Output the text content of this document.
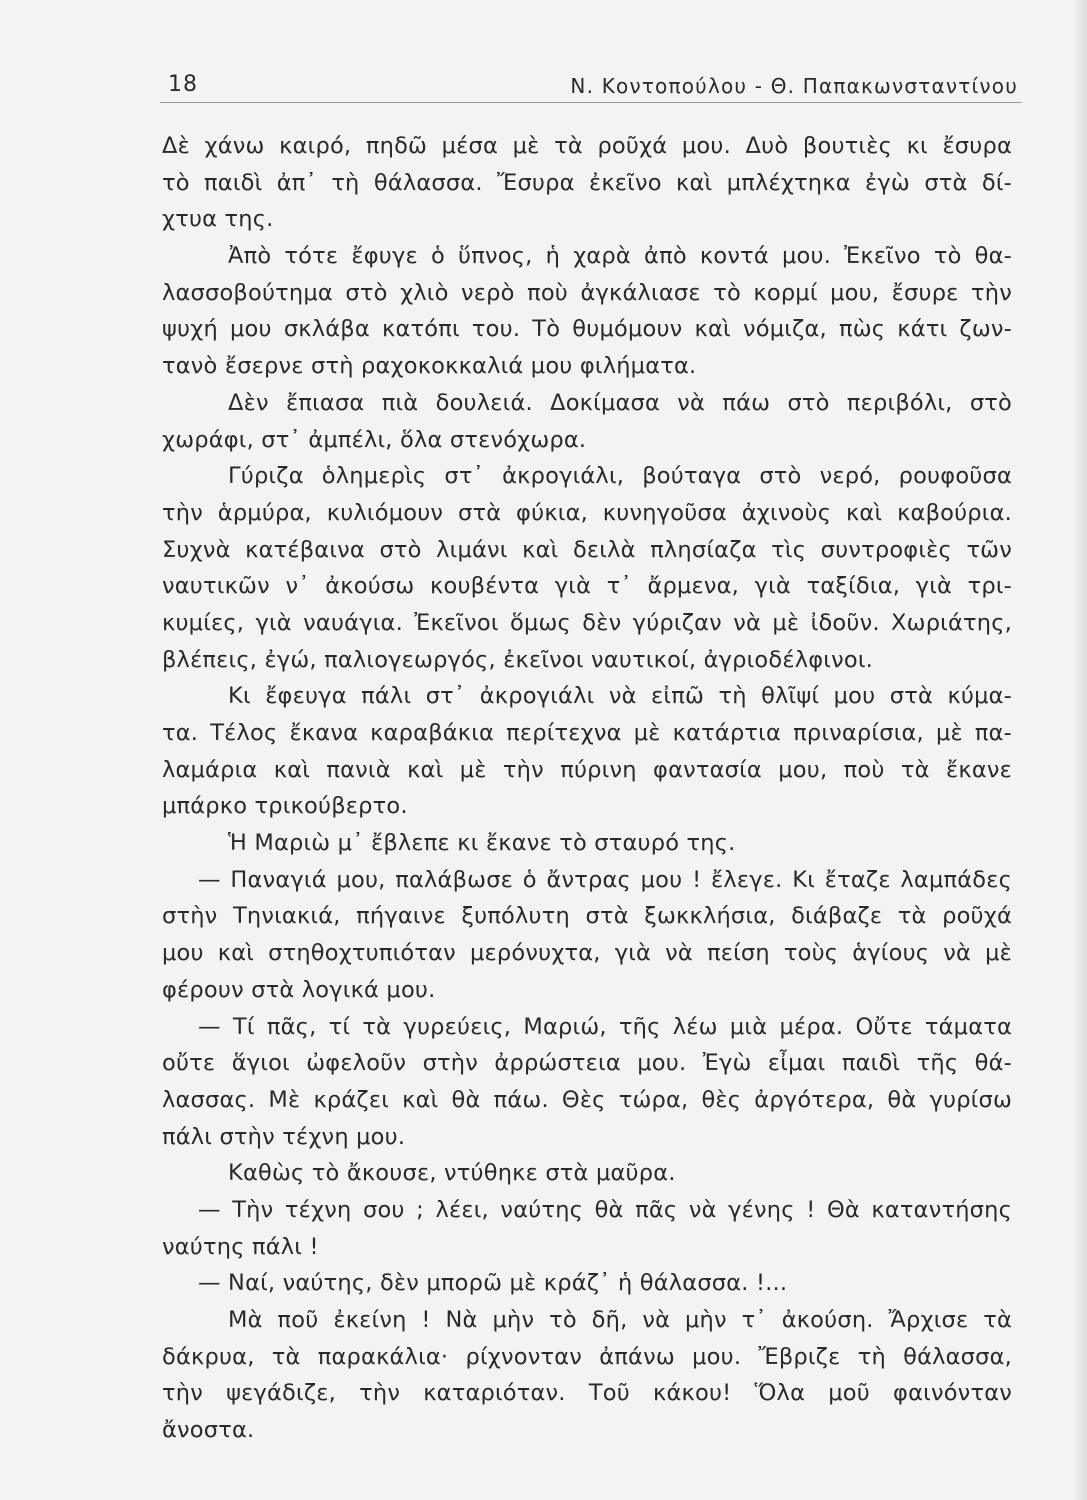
18	Ν. Κοντοπούλου - Θ. Παπακωνσταντίνου
Δὲ χάνω καιρό, πηδῶ μέσα μὲ τὰ ροῦχά μου. Δυὸ βουτιὲς κι ἔσυρα
τὸ παιδὶ ἀπ᾽ τὴ θάλασσα. Ἔσυρα ἐκεῖνο καὶ μπλέχτηκα ἐγὼ στὰ δί-
χτυα της.
Ἀπὸ τότε ἔφυγε ὁ ὕπνος, ἡ χαρὰ ἀπὸ κοντά μου. Ἐκεῖνο τὸ θα-
λασσοβούτημα στὸ χλιὸ νερὸ ποὺ ἀγκάλιασε τὸ κορμί μου, ἔσυρε τὴν
ψυχή μου σκλάβα κατόπι του. Τὸ θυμόμουν καὶ νόμιζα, πὼς κάτι ζων-
τανὸ ἔσερνε στὴ ραχοκοκκαλιά μου φιλήματα.
Δὲν ἔπιασα πιὰ δουλειά. Δοκίμασα νὰ πάω στὸ περιβόλι, στὸ
χωράφι, στ᾽ ἀμπέλι, ὅλα στενόχωρα.
Γύριζα ὁλημερὶς στ᾽ ἀκρογιάλι, βούταγα στὸ νερό, ρουφοῦσα
τὴν ἁρμύρα, κυλιόμουν στὰ φύκια, κυνηγοῦσα ἀχινοὺς καὶ καβούρια.
Συχνὰ κατέβαινα στὸ λιμάνι καὶ δειλὰ πλησίαζα τὶς συντροφιὲς τῶν
ναυτικῶν ν᾽ ἀκούσω κουβέντα γιὰ τ᾽ ἄρμενα, γιὰ ταξίδια, γιὰ τρι-
κυμίες, γιὰ ναυάγια. Ἐκεῖνοι ὅμως δὲν γύριζαν νὰ μὲ ἰδοῦν. Χωριάτης,
βλέπεις, ἐγώ, παλιογεωργός, ἐκεῖνοι ναυτικοί, ἀγριοδέλφινοι.
Κι ἔφευγα πάλι στ᾽ ἀκρογιάλι νὰ εἰπῶ τὴ θλῖψί μου στὰ κύμα-
τα. Τέλος ἔκανα καραβάκια περίτεχνα μὲ κατάρτια πριναρίσια, μὲ πα-
λαμάρια καὶ πανιὰ καὶ μὲ τὴν πύρινη φαντασία μου, ποὺ τὰ ἔκανε
μπάρκο τρικούβερτο.
Ἡ Μαριὼ μ᾽ ἔβλεπε κι ἔκανε τὸ σταυρό της.
— Παναγιά μου, παλάβωσε ὁ ἄντρας μου ! ἔλεγε. Κι ἔταζε λαμπάδες
στὴν Τηνιακιά, πήγαινε ξυπόλυτη στὰ ξωκκλήσια, διάβαζε τὰ ροῦχά
μου καὶ στηθοχτυπιόταν μερόνυχτα, γιὰ νὰ πείση τοὺς ἁγίους νὰ μὲ
φέρουν στὰ λογικά μου.
— Τί πᾶς, τί τὰ γυρεύεις, Μαριώ, τῆς λέω μιὰ μέρα. Οὔτε τάματα
οὔτε ἅγιοι ὠφελοῦν στὴν ἀρρώστεια μου. Ἐγὼ εἶμαι παιδὶ τῆς θά-
λασσας. Μὲ κράζει καὶ θὰ πάω. Θὲς τώρα, θὲς ἀργότερα, θὰ γυρίσω
πάλι στὴν τέχνη μου.
Καθὼς τὸ ἄκουσε, ντύθηκε στὰ μαῦρα.
— Τὴν τέχνη σου ; λέει, ναύτης θὰ πᾶς νὰ γένης ! Θὰ καταντήσης
ναύτης πάλι !
— Ναί, ναύτης, δὲν μπορῶ μὲ κράζ᾽ ἡ θάλασσα. !...
Μὰ ποῦ ἐκείνη ! Νὰ μὴν τὸ δῆ, νὰ μὴν τ᾽ ἀκούση. Ἄρχισε τὰ
δάκρυα, τὰ παρακάλια· ρίχνονταν ἀπάνω μου. Ἔβριζε τὴ θάλασσα,
τὴν ψεγάδιζε, τὴν καταριόταν. Τοῦ κάκου! Ὅλα μοῦ φαινόνταν
ἄνοστα.
